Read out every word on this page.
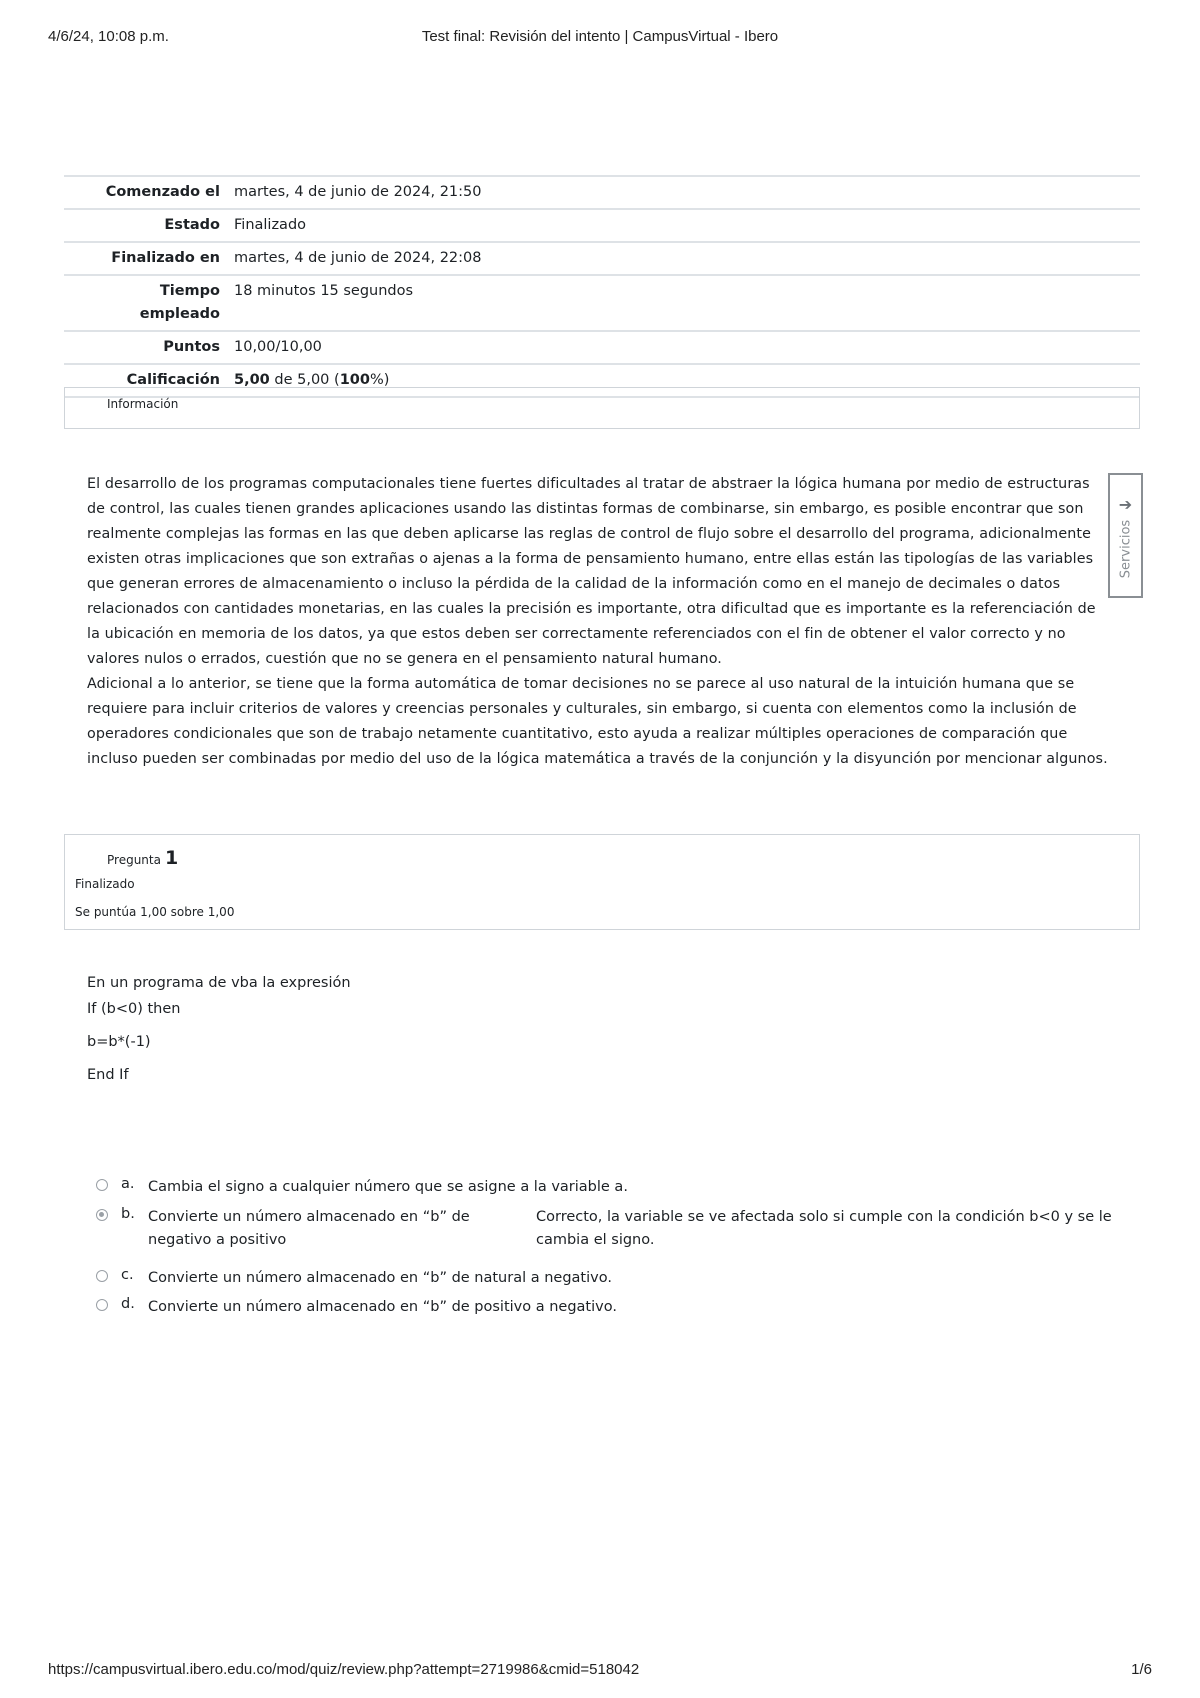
4/6/24, 10:08 p.m.	Test final: Revisión del intento | CampusVirtual - Ibero
Comenzado el	martes, 4 de junio de 2024, 21:50
Estado	Finalizado
Finalizado en	martes, 4 de junio de 2024, 22:08
Tiempo
empleado	18 minutos 15 segundos
Puntos	10,00/10,00
Calificación	5,00 de 5,00 (100%)
Información

El desarrollo de los programas computacionales tiene fuertes dificultades al tratar de abstraer la lógica humana por medio de estructuras de control, las cuales tienen grandes aplicaciones usando las distintas formas de combinarse, sin embargo, es posible encontrar que son realmente complejas las formas en las que deben aplicarse las reglas de control de flujo sobre el desarrollo del programa, adicionalmente existen otras implicaciones que son extrañas o ajenas a la forma de pensamiento humano, entre ellas están las tipologías de las variables que generan errores de almacenamiento o incluso la pérdida de la calidad de la información como en el manejo de decimales o datos relacionados con cantidades monetarias, en las cuales la precisión es importante, otra dificultad que es importante es la referenciación de la ubicación en memoria de los datos, ya que estos deben ser correctamente referenciados con el fin de obtener el valor correcto y no valores nulos o errados, cuestión que no se genera en el pensamiento natural humano.

Adicional a lo anterior, se tiene que la forma automática de tomar decisiones no se parece al uso natural de la intuición humana que se requiere para incluir criterios de valores y creencias personales y culturales, sin embargo, si cuenta con elementos como la inclusión de operadores condicionales que son de trabajo netamente cuantitativo, esto ayuda a realizar múltiples operaciones de comparación que incluso pueden ser combinadas por medio del uso de la lógica matemática a través de la conjunción y la disyunción por mencionar algunos.

➔
Servicios
Pregunta 1
Finalizado
Se puntúa 1,00 sobre 1,00
En un programa de vba la expresión
If (b<0) then
b=b*(-1)
End If
a. Cambia el signo a cualquier número que se asigne a la variable a.
b. Convierte un número almacenado en “b” de
negativo a positivo
Correcto, la variable se ve afectada solo si cumple con la condición b<0 y se le cambia el signo.
c. Convierte un número almacenado en “b” de natural a negativo.
d. Convierte un número almacenado en “b” de positivo a negativo.
https://campusvirtual.ibero.edu.co/mod/quiz/review.php?attempt=2719986&cmid=518042	1/6
